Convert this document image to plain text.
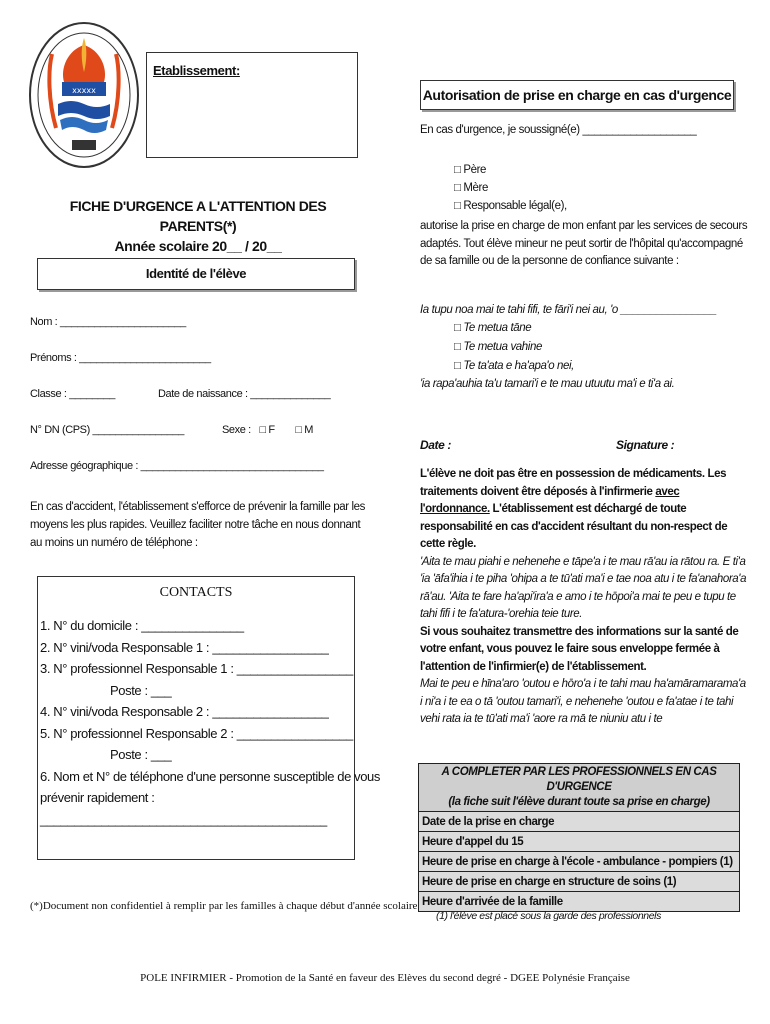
xxxxx
Etablissement:
FICHE D'URGENCE A L'ATTENTION DES PARENTS(*)
Année scolaire 20__ / 20__
Identité de l'élève
Nom : ______________________
Prénoms : _______________________
Classe : ________	Date de naissance : ______________
N° DN (CPS) ________________	Sexe : □ F □ M
Adresse géographique : ________________________________
En cas d'accident, l'établissement s'efforce de prévenir la famille par les moyens les plus rapides. Veuillez faciliter notre tâche en nous donnant au moins un numéro de téléphone :
CONTACTS
1. N° du domicile : _______________
2. N° vini/voda Responsable 1 : _________________
3. N° professionnel Responsable 1 : _________________
Poste : ___
4. N° vini/voda Responsable 2 : _________________
5. N° professionnel Responsable 2 : _________________
Poste : ___
6. Nom et N° de téléphone d'une personne susceptible de vous
prévenir rapidement :
__________________________________________
(*)Document non confidentiel à remplir par les familles à chaque début d'année scolaire
POLE INFIRMIER - Promotion de la Santé en faveur des Elèves du second degré - DGEE Polynésie Française
Autorisation de prise en charge en cas d'urgence
En cas d'urgence, je soussigné(e) ___________________
□ Père
□ Mère
□ Responsable légal(e),
autorise la prise en charge de mon enfant par les services de secours adaptés. Tout élève mineur ne peut sortir de l'hôpital qu'accompagné de sa famille ou de la personne de confiance suivante :
Ia tupu noa mai te tahi fifi, te fāri'i nei au, 'o ________________
□ Te metua tāne
□ Te metua vahine
□ Te ta'ata e ha'apa'o nei,
'ia rapa'auhia ta'u tamari'i e te mau utuutu ma'i e ti'a ai.
Date :	Signature :
L'élève ne doit pas être en possession de médicaments. Les traitements doivent être déposés à l'infirmerie avec l'ordonnance. L'établissement est déchargé de toute responsabilité en cas d'accident résultant du non-respect de cette règle.
'Aita te mau piahi e nehenehe e tāpe'a i te mau rā'au ia rātou ra. E ti'a 'ia 'āfa'ihia i te piha 'ohipa a te tū'ati ma'i e tae noa atu i te fa'anahora'a rā'au. 'Aita te fare ha'api'ira'a e amo i te hōpoi'a mai te peu e tupu te tahi fifi i te fa'atura-'orehia teie ture.
Si vous souhaitez transmettre des informations sur la santé de votre enfant, vous pouvez le faire sous enveloppe fermée à l'attention de l'infirmier(e) de l'établissement.
Mai te peu e hīna'aro 'outou e hōro'a i te tahi mau ha'amāramarama'a i ni'a i te ea o tā 'outou tamari'i, e nehenehe 'outou e fa'atae i te tahi vehi rata ia te tū'ati ma'i 'aore ra mā te niuniu atu i te
A COMPLETER PAR LES PROFESSIONNELS EN CAS D'URGENCE
(la fiche suit l'élève durant toute sa prise en charge)

Date de la prise en charge
Heure d'appel du 15
Heure de prise en charge à l'école - ambulance - pompiers (1)
Heure de prise en charge en structure de soins (1)
Heure d'arrivée de la famille
(1) l'élève est placé sous la garde des professionnels
